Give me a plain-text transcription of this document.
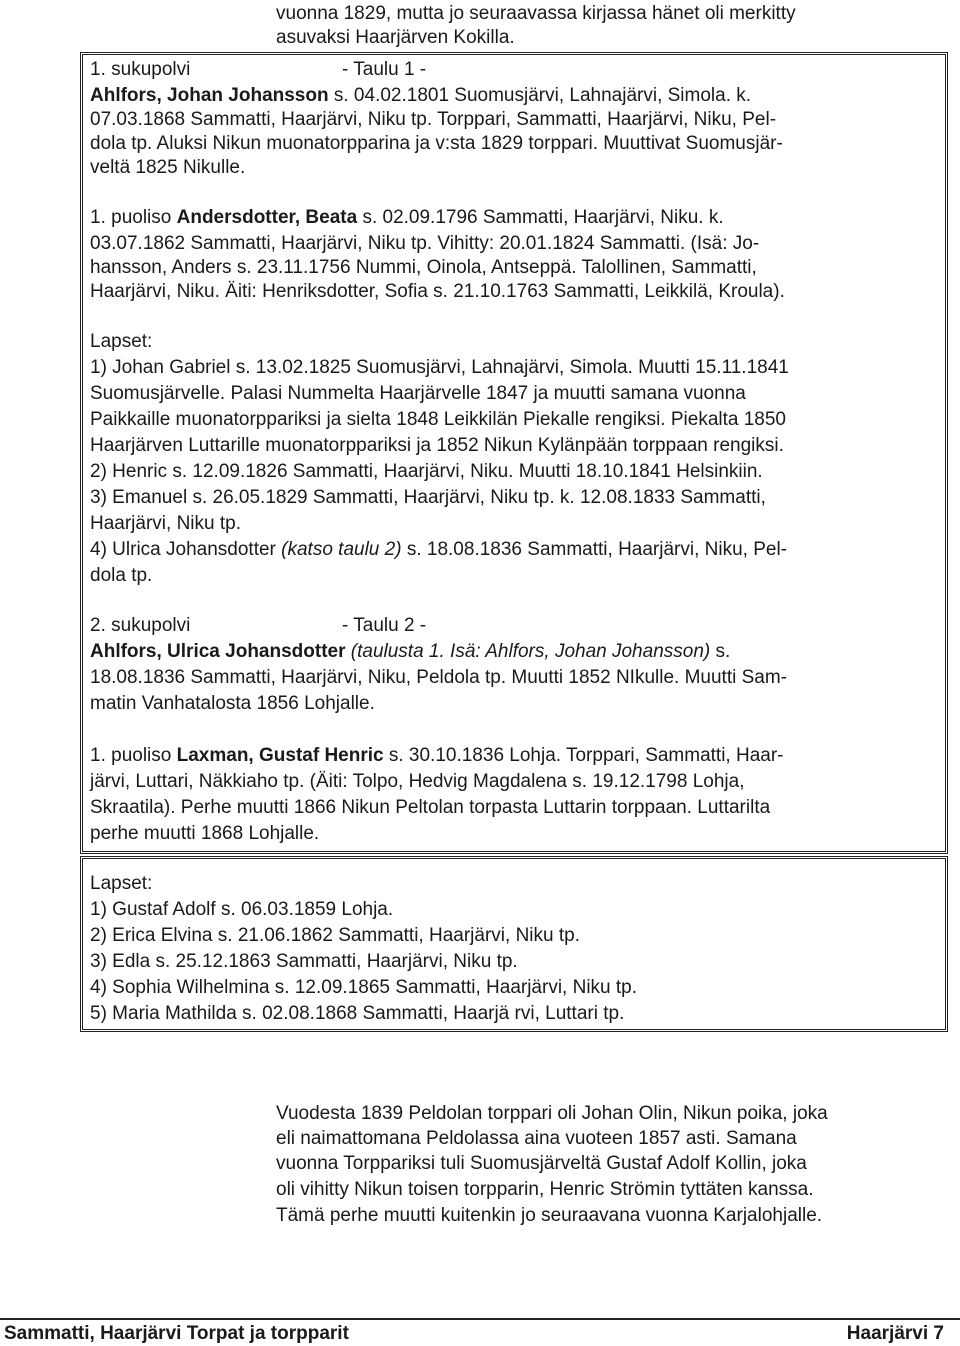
vuonna 1829, mutta jo seuraavassa kirjassa hänet oli merkitty
asuvaksi Haarjärven Kokilla.
1. sukupolvi	- Taulu 1 -
Ahlfors, Johan Johansson s. 04.02.1801 Suomusjärvi, Lahnajärvi, Simola. k.
07.03.1868 Sammatti, Haarjärvi, Niku tp. Torppari, Sammatti, Haarjärvi, Niku, Pel-
dola tp. Aluksi Nikun muonatorpparina ja v:sta 1829 torppari. Muuttivat Suomusjär-
veltä 1825 Nikulle.
1. puoliso Andersdotter, Beata s. 02.09.1796 Sammatti, Haarjärvi, Niku. k.
03.07.1862 Sammatti, Haarjärvi, Niku tp. Vihitty: 20.01.1824 Sammatti. (Isä: Jo-
hansson, Anders s. 23.11.1756 Nummi, Oinola, Antseppä. Talollinen, Sammatti,
Haarjärvi, Niku. Äiti: Henriksdotter, Sofia s. 21.10.1763 Sammatti, Leikkilä, Kroula).
Lapset:
1) Johan Gabriel s. 13.02.1825 Suomusjärvi, Lahnajärvi, Simola. Muutti 15.11.1841
Suomusjärvelle. Palasi Nummelta Haarjärvelle 1847 ja muutti samana vuonna
Paikkaille muonatorppariksi ja sielta 1848 Leikkilän Piekalle rengiksi. Piekalta 1850
Haarjärven Luttarille muonatorppariksi ja 1852 Nikun Kylänpään torppaan rengiksi.
2) Henric s. 12.09.1826 Sammatti, Haarjärvi, Niku. Muutti 18.10.1841 Helsinkiin.
3) Emanuel s. 26.05.1829 Sammatti, Haarjärvi, Niku tp. k. 12.08.1833 Sammatti,
Haarjärvi, Niku tp.
4) Ulrica Johansdotter (katso taulu 2) s. 18.08.1836 Sammatti, Haarjärvi, Niku, Pel-
dola tp.
2. sukupolvi	- Taulu 2 -
Ahlfors, Ulrica Johansdotter (taulusta 1. Isä: Ahlfors, Johan Johansson) s.
18.08.1836 Sammatti, Haarjärvi, Niku, Peldola tp. Muutti 1852 NIkulle. Muutti Sam-
matin Vanhatalosta 1856 Lohjalle.
1. puoliso Laxman, Gustaf Henric s. 30.10.1836 Lohja. Torppari, Sammatti, Haar-
järvi, Luttari, Näkkiaho tp. (Äiti: Tolpo, Hedvig Magdalena s. 19.12.1798 Lohja,
Skraatila). Perhe muutti 1866 Nikun Peltolan torpasta Luttarin torppaan. Luttarilta
perhe muutti 1868 Lohjalle.
Lapset:
1) Gustaf Adolf s. 06.03.1859 Lohja.
2) Erica Elvina s. 21.06.1862 Sammatti, Haarjärvi, Niku tp.
3) Edla s. 25.12.1863 Sammatti, Haarjärvi, Niku tp.
4) Sophia Wilhelmina s. 12.09.1865 Sammatti, Haarjärvi, Niku tp.
5) Maria Mathilda s. 02.08.1868 Sammatti, Haarjä rvi, Luttari tp.
Vuodesta 1839 Peldolan torppari oli Johan Olin, Nikun poika, joka
eli naimattomana Peldolassa aina vuoteen 1857 asti. Samana
vuonna Torppariksi tuli Suomusjärveltä Gustaf Adolf Kollin, joka
oli vihitty Nikun toisen torpparin, Henric Strömin tyttäten kanssa.
Tämä perhe muutti kuitenkin jo seuraavana vuonna Karjalohjalle.
Sammatti, Haarjärvi Torpat ja torpparit	Haarjärvi 7
